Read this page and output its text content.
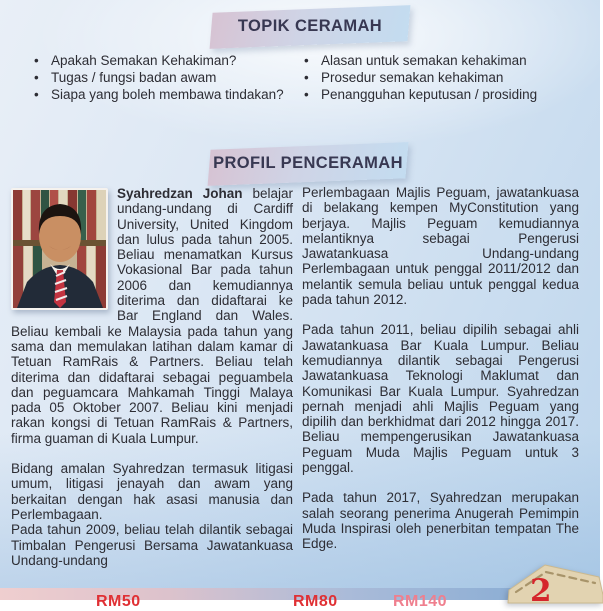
TOPIK CERAMAH
• Apakah Semakan Kehakiman?
• Tugas / fungsi badan awam
• Siapa yang boleh membawa tindakan?
• Alasan untuk semakan kehakiman
• Prosedur semakan kehakiman
• Penangguhan keputusan / prosiding
PROFIL PENCERAMAH

Syahredzan Johan belajar undang-undang di Cardiff University, United Kingdom dan lulus pada tahun 2005. Beliau menamatkan Kursus Vokasional Bar pada tahun 2006 dan kemudiannya diterima dan didaftarai ke Bar England dan Wales. Beliau kembali ke Malaysia pada tahun yang sama dan memulakan latihan dalam kamar di Tetuan RamRais & Partners. Beliau telah diterima dan didaftarai sebagai peguambela dan peguamcara Mahkamah Tinggi Malaya pada 05 Oktober 2007. Beliau kini menjadi rakan kongsi di Tetuan RamRais & Partners, firma guaman di Kuala Lumpur.

Bidang amalan Syahredzan termasuk litigasi umum, litigasi jenayah dan awam yang berkaitan dengan hak asasi manusia dan Perlembagaan.

Pada tahun 2009, beliau telah dilantik sebagai Timbalan Pengerusi Bersama Jawatankuasa Undang-undang

Perlembagaan Majlis Peguam, jawatankuasa di belakang kempen MyConstitution yang berjaya. Majlis Peguam kemudiannya melantiknya sebagai Pengerusi Jawatankuasa Undang-undang Perlembagaan untuk penggal 2011/2012 dan melantik semula beliau untuk penggal kedua pada tahun 2012.

Pada tahun 2011, beliau dipilih sebagai ahli Jawatankuasa Bar Kuala Lumpur. Beliau kemudiannya dilantik sebagai Pengerusi Jawatankuasa Teknologi Maklumat dan Komunikasi Bar Kuala Lumpur. Syahredzan pernah menjadi ahli Majlis Peguam yang dipilih dan berkhidmat dari 2012 hingga 2017. Beliau mempengerusikan Jawatankuasa Peguam Muda Majlis Peguam untuk 3 penggal.

Pada tahun 2017, Syahredzan merupakan salah seorang penerima Anugerah Pemimpin Muda Inspirasi oleh penerbitan tempatan The Edge.

RM50	RM80	RM140	2
